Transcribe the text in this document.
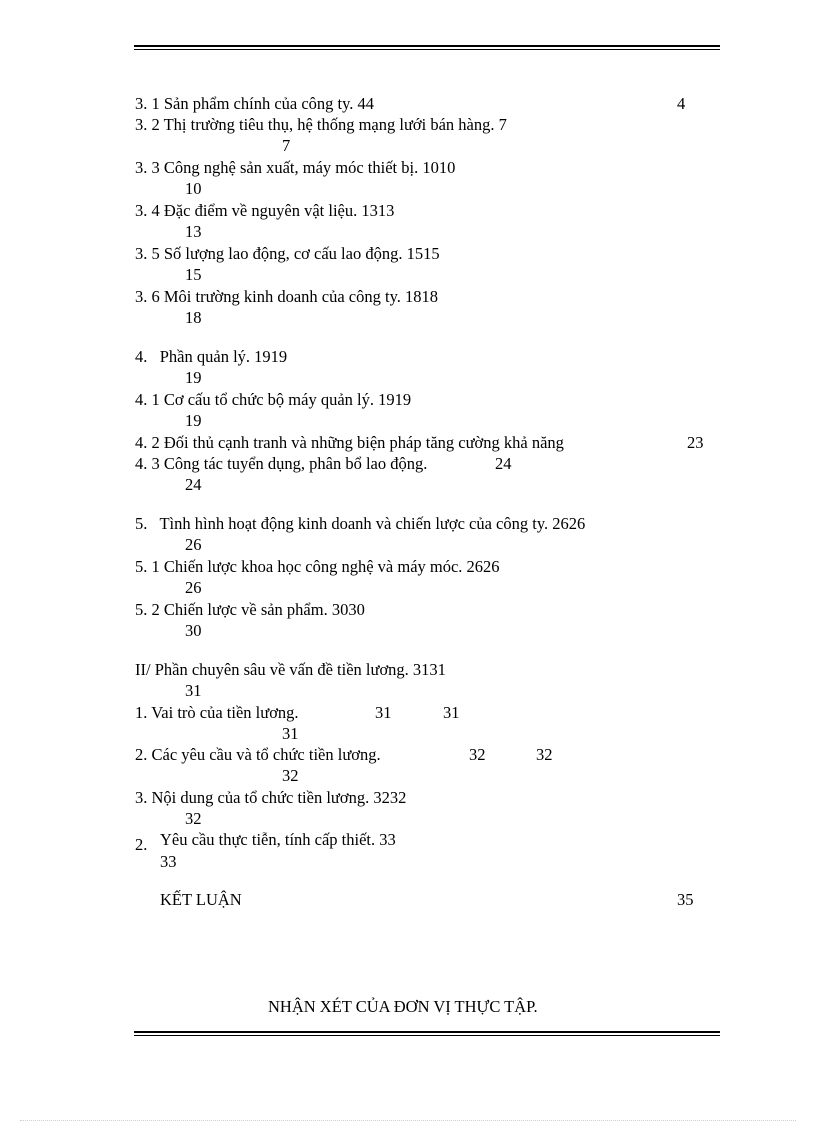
3. 1 Sản phẩm chính của công ty. 44	4
3. 2 Thị trường tiêu thụ, hệ thống mạng lưới bán hàng. 7
7
3. 3 Công nghệ sản xuất, máy móc thiết bị. 1010
10
3. 4 Đặc điểm về nguyên vật liệu. 1313
13
3. 5 Số lượng lao động, cơ cấu lao động. 1515
15
3. 6 Môi trường kinh doanh của công ty. 1818
18
4.   Phần quản lý. 1919
19
4. 1 Cơ cấu tổ chức bộ máy quản lý. 1919
19
4. 2 Đối thủ cạnh tranh và những biện pháp tăng cường khả năng	23
4. 3 Công tác tuyển dụng, phân bổ lao động.	24
24
5.   Tình hình hoạt động kinh doanh và chiến lược của công ty. 2626
26
5. 1 Chiến lược khoa học công nghệ và máy móc. 2626
26
5. 2 Chiến lược về sản phẩm. 3030
30
II/ Phần chuyên sâu về vấn đề tiền lương. 3131
31
1. Vai trò của tiền lương.	31	31
31
2. Các yêu cầu và tổ chức tiền lương.	32	32
32
3. Nội dung của tổ chức tiền lương. 3232
32
2. Yêu cầu thực tiễn, tính cấp thiết. 33
33
KẾT LUẬN	35
NHẬN XÉT CỦA ĐƠN VỊ THỰC TẬP.
